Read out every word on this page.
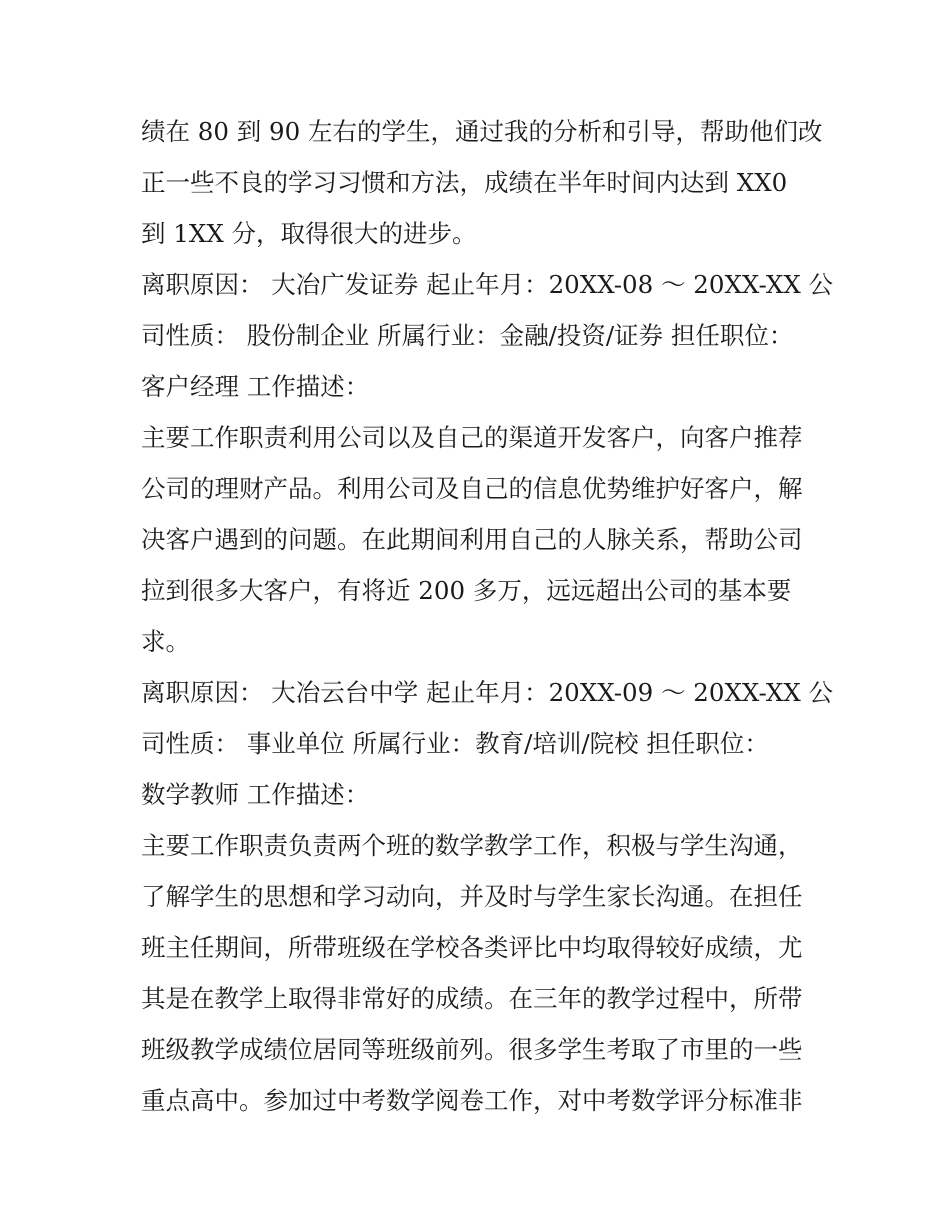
绩在 80 到 90 左右的学生，通过我的分析和引导，帮助他们改
正一些不良的学习习惯和方法，成绩在半年时间内达到 XX0
到 1XX 分，取得很大的进步。
离职原因： 大冶广发证券 起止年月：20XX-08 ～ 20XX-XX 公
司性质： 股份制企业 所属行业：金融/投资/证券 担任职位：
客户经理 工作描述：
主要工作职责利用公司以及自己的渠道开发客户，向客户推荐
公司的理财产品。利用公司及自己的信息优势维护好客户，解
决客户遇到的问题。在此期间利用自己的人脉关系，帮助公司
拉到很多大客户，有将近 200 多万，远远超出公司的基本要
求。
离职原因： 大冶云台中学 起止年月：20XX-09 ～ 20XX-XX 公
司性质： 事业单位 所属行业：教育/培训/院校 担任职位：
数学教师 工作描述：
主要工作职责负责两个班的数学教学工作，积极与学生沟通，
了解学生的思想和学习动向，并及时与学生家长沟通。在担任
班主任期间，所带班级在学校各类评比中均取得较好成绩，尤
其是在教学上取得非常好的成绩。在三年的教学过程中，所带
班级教学成绩位居同等班级前列。很多学生考取了市里的一些
重点高中。参加过中考数学阅卷工作，对中考数学评分标准非
